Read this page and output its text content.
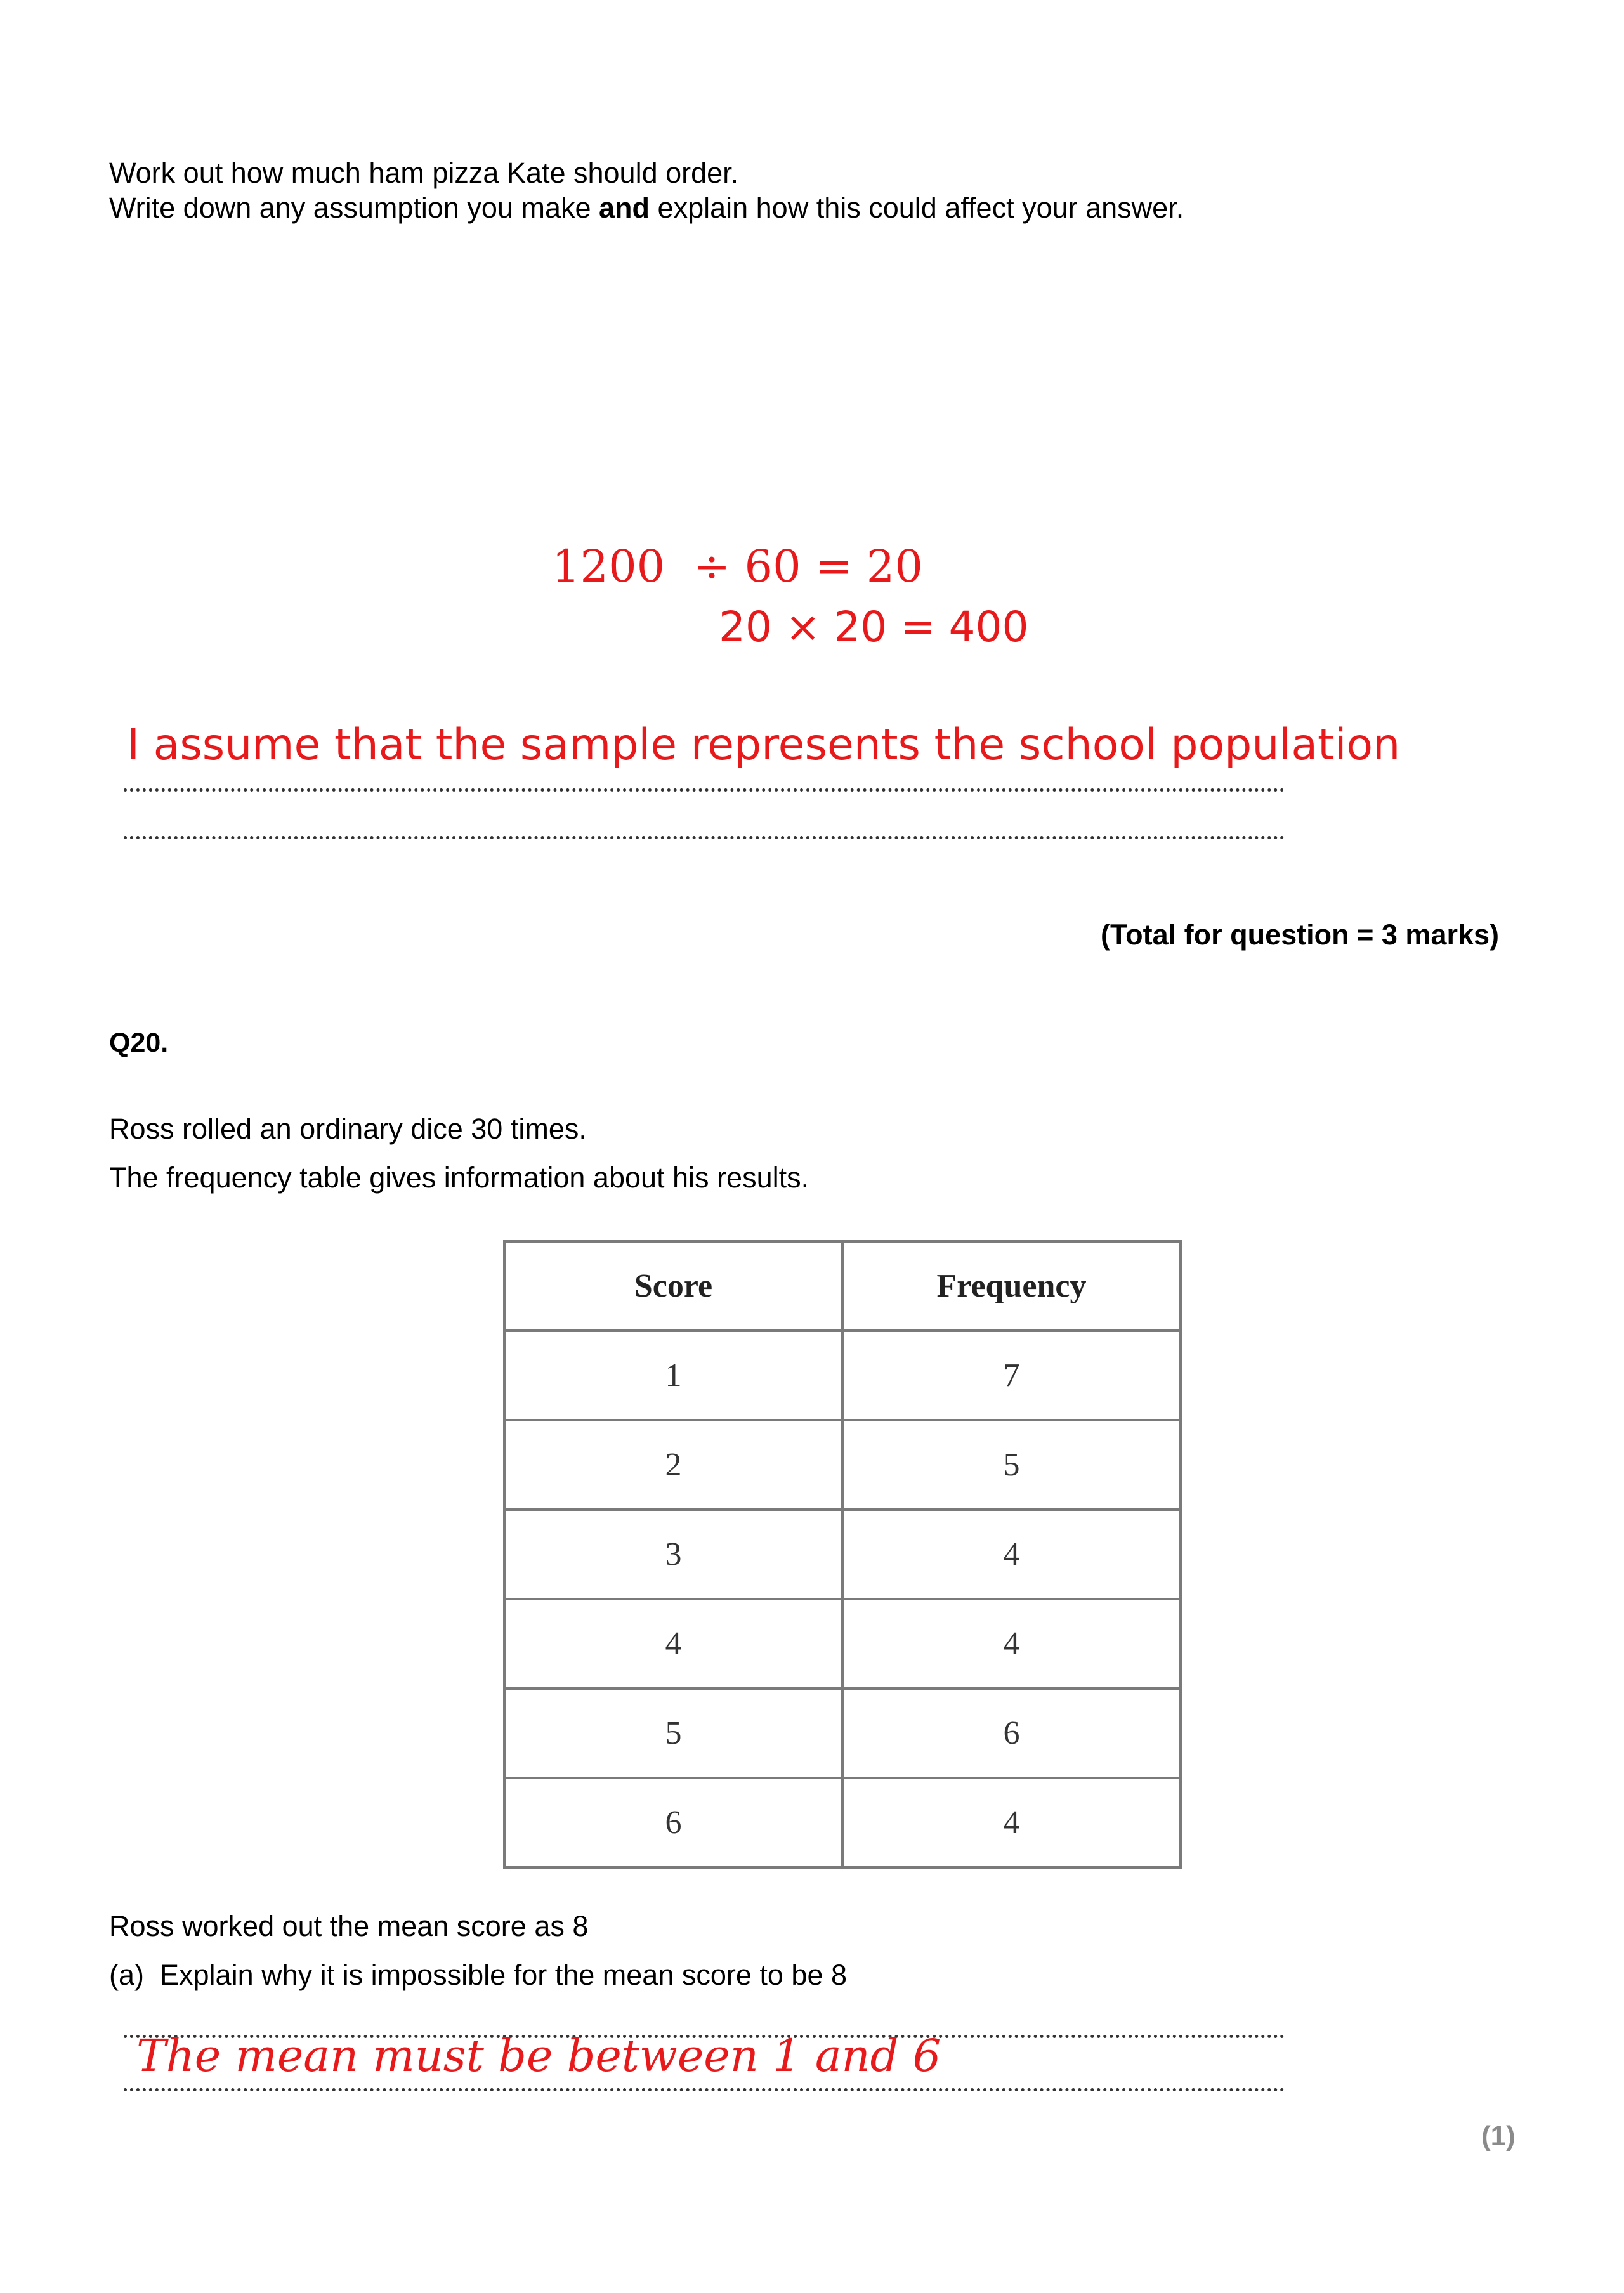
Work out how much ham pizza Kate should order.
Write down any assumption you make and explain how this could affect your answer.
1200  ÷ 60 = 20
20 × 20 = 400
I assume that the sample represents the school population
(Total for question = 3 marks)
Q20.
Ross rolled an ordinary dice 30 times.
The frequency table gives information about his results.
Score	Frequency
1	7
2	5
3	4
4	4
5	6
6	4
Ross worked out the mean score as 8
(a)  Explain why it is impossible for the mean score to be 8
The mean must be between 1 and 6
(1)
